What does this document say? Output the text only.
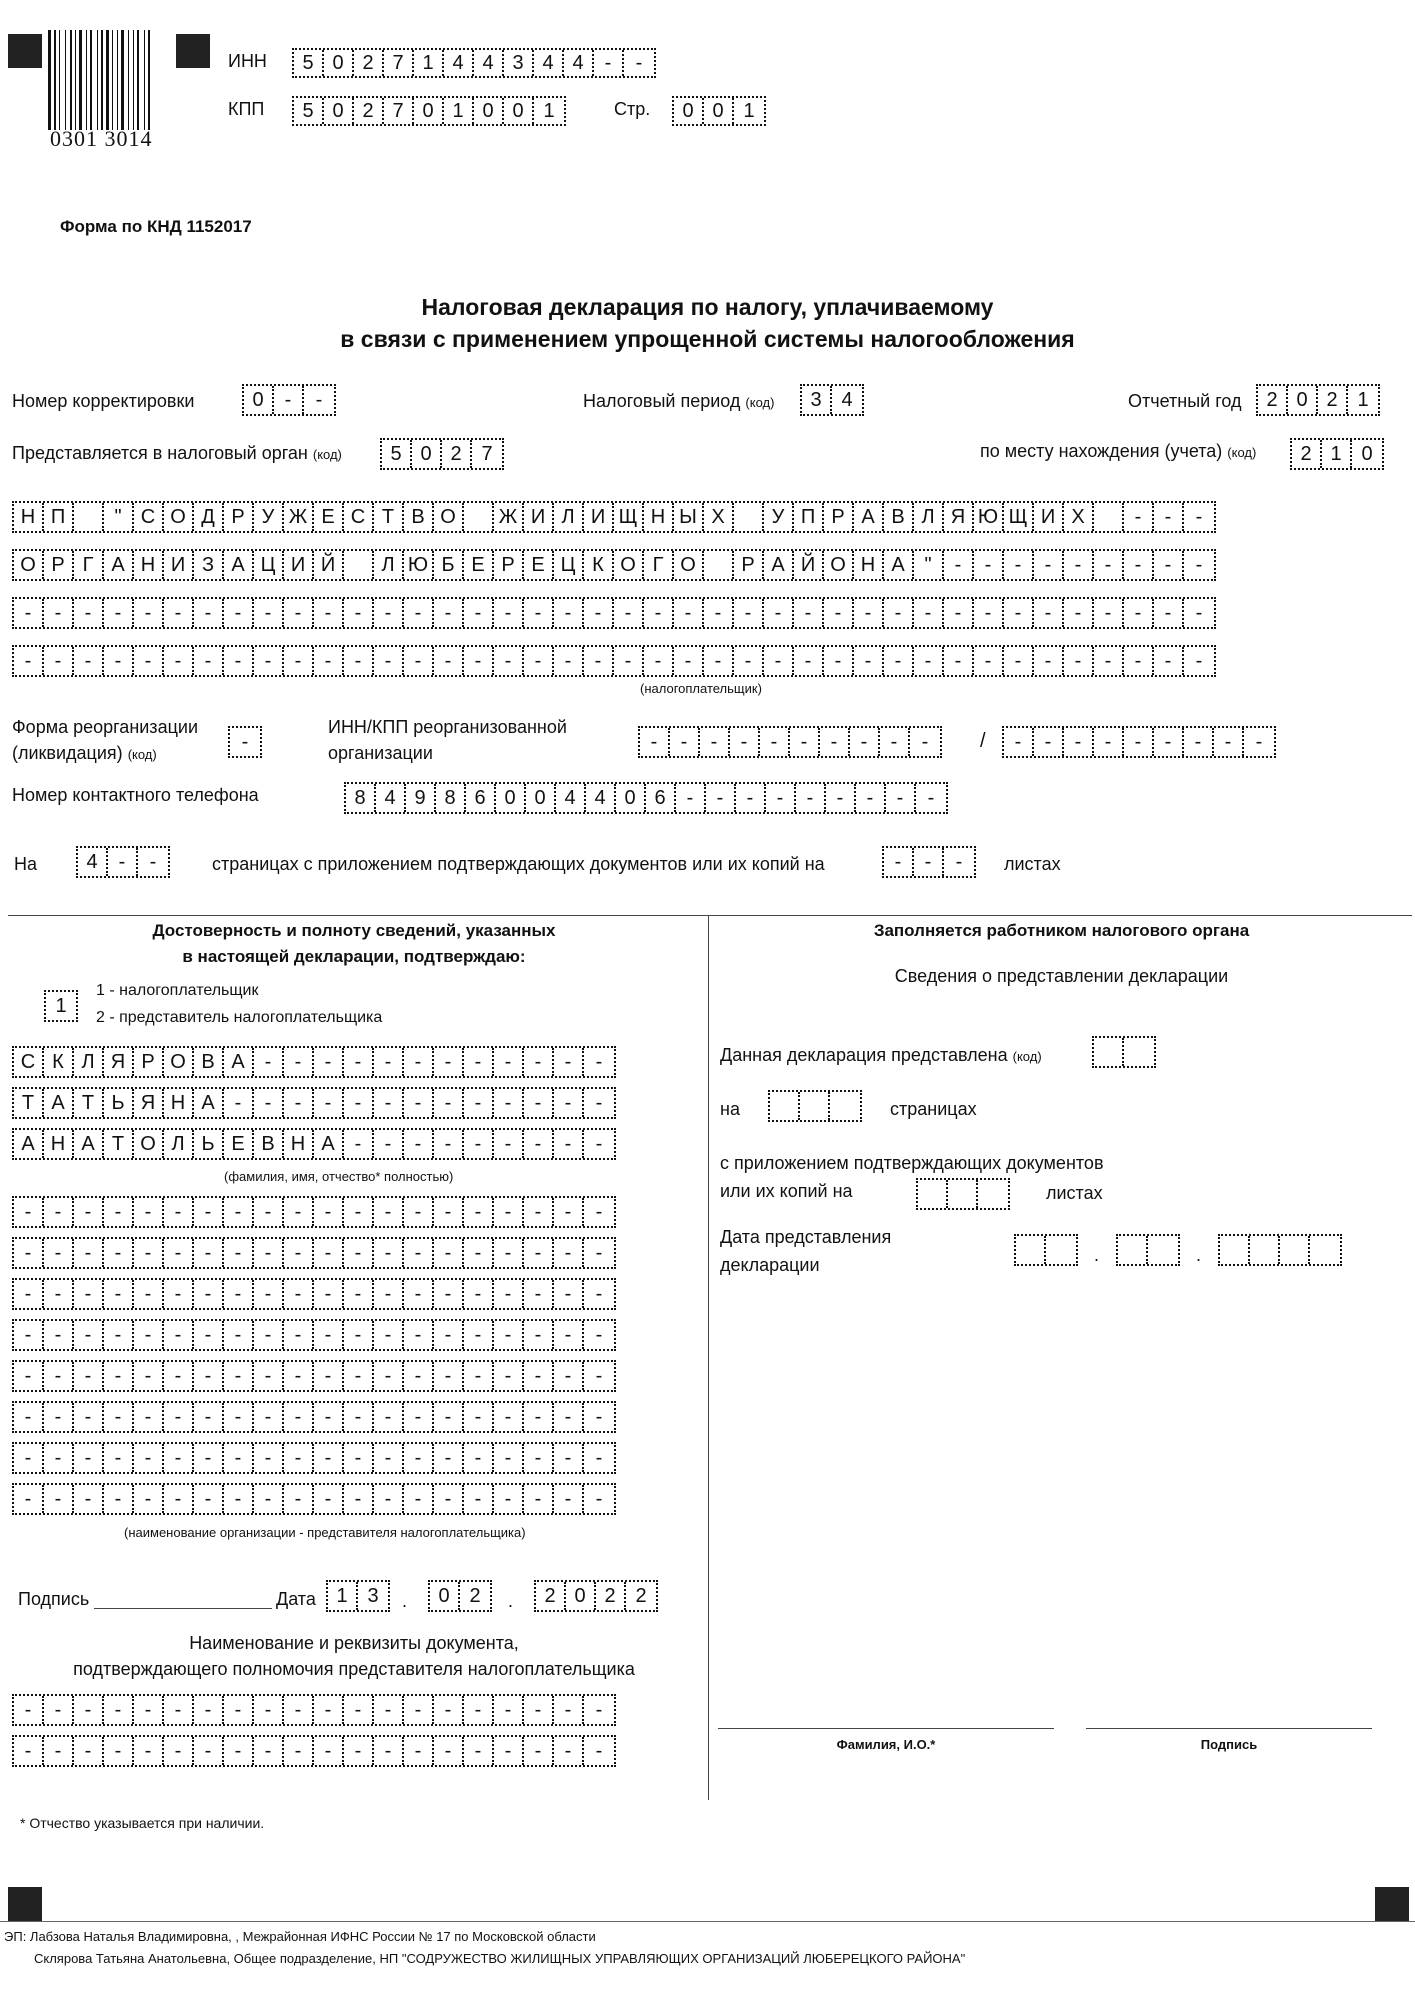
0301 3014
ИНН	5 0 2 7 1 4 4 3 4 4	-	-
КПП	5 0 2 7 0 1 0 0 1	Стр.	0 0 1
Форма по КНД 1152017
Налоговая декларация по налогу, уплачиваемому
в связи с применением упрощенной системы налогообложения
Номер корректировки	0	-	-	Налоговый период (код)	3 4	Отчетный год	2 0 2 1
Представляется в налоговый орган (код)	5 0 2 7	по месту нахождения (учета) (код)	2 1 0
Н П	" С О Д Р У Ж Е С Т В О	Ж И Л И Щ Н Ы Х	У П Р А В Л Я Ю Щ И Х	-	-	-
О Р Г А Н И З А Ц И Й	Л Ю Б Е Р Е Ц К О Г О	Р А Й О Н А "	-	-	-	-	-	-	-	-	-
-	-	-	-	-	-	-	-	-	-	-	-	-	-	-	-	-	-	-	-	-	-	-	-	-	-	-	-	-	-	-	-	-	-	-	-	-	-	-	-
-	-	-	-	-	-	-	-	-	-	-	-	-	-	-	-	-	-	-	-	-	-	-	-	-	-	-	-	-	-	-	-	-	-	-	-	-	-	-	-
(налогоплательщик)
Форма реорганизации
(ликвидация) (код)
-
ИНН/КПП реорганизованной
организации	-	-	-	-	-	-	-	-	-	-	/	-	-	-	-	-	-	-	-	-
Номер контактного телефона	8 4 9 8 6 0 0 4 4 0 6	-	-	-	-	-	-	-	-	-
На	4	-	-	страницах с приложением подтверждающих документов или их копий на	-	-	-	листах
Достоверность и полноту сведений, указанных
в настоящей декларации, подтверждаю:
1
1 - налогоплательщик
2 - представитель налогоплательщика
С К Л Я Р О В А -	-	-	-	-	-	-	-	-	-	-	-
Т А Т Ь Я Н А -	-	-	-	-	-	-	-	-	-	-	-	-
А Н А Т О Л Ь Е В Н А -	-	-	-	-	-	-	-	-
(фамилия, имя, отчество* полностью)
-	-	-	-	-	-	-	-	-	-	-	-	-	-	-	-	-	-	-	-
-	-	-	-	-	-	-	-	-	-	-	-	-	-	-	-	-	-	-	-
-	-	-	-	-	-	-	-	-	-	-	-	-	-	-	-	-	-	-	-
-	-	-	-	-	-	-	-	-	-	-	-	-	-	-	-	-	-	-	-
-	-	-	-	-	-	-	-	-	-	-	-	-	-	-	-	-	-	-	-
-	-	-	-	-	-	-	-	-	-	-	-	-	-	-	-	-	-	-	-
-	-	-	-	-	-	-	-	-	-	-	-	-	-	-	-	-	-	-	-
-	-	-	-	-	-	-	-	-	-	-	-	-	-	-	-	-	-	-	-
(наименование организации - представителя налогоплательщика)
Подпись	Дата	1 3	.	0 2	.	2 0 2 2
Наименование и реквизиты документа,
подтверждающего полномочия представителя налогоплательщика
-	-	-	-	-	-	-	-	-	-	-	-	-	-	-	-	-	-	-	-
-	-	-	-	-	-	-	-	-	-	-	-	-	-	-	-	-	-	-	-
Заполняется работником налогового органа
Сведения о представлении декларации
Данная декларация представлена (код)
на	страницах
с приложением подтверждающих документов
или их копий на	листах
Дата представления
декларации	.	.
Фамилия, И.О.*	Подпись
* Отчество указывается при наличии.
ЭП: Лабзова Наталья Владимировна, , Межрайонная ИФНС России № 17 по Московской области
Склярова Татьяна Анатольевна, Общее подразделение, НП "СОДРУЖЕСТВО ЖИЛИЩНЫХ УПРАВЛЯЮЩИХ ОРГАНИЗАЦИЙ ЛЮБЕРЕЦКОГО РАЙОНА"
